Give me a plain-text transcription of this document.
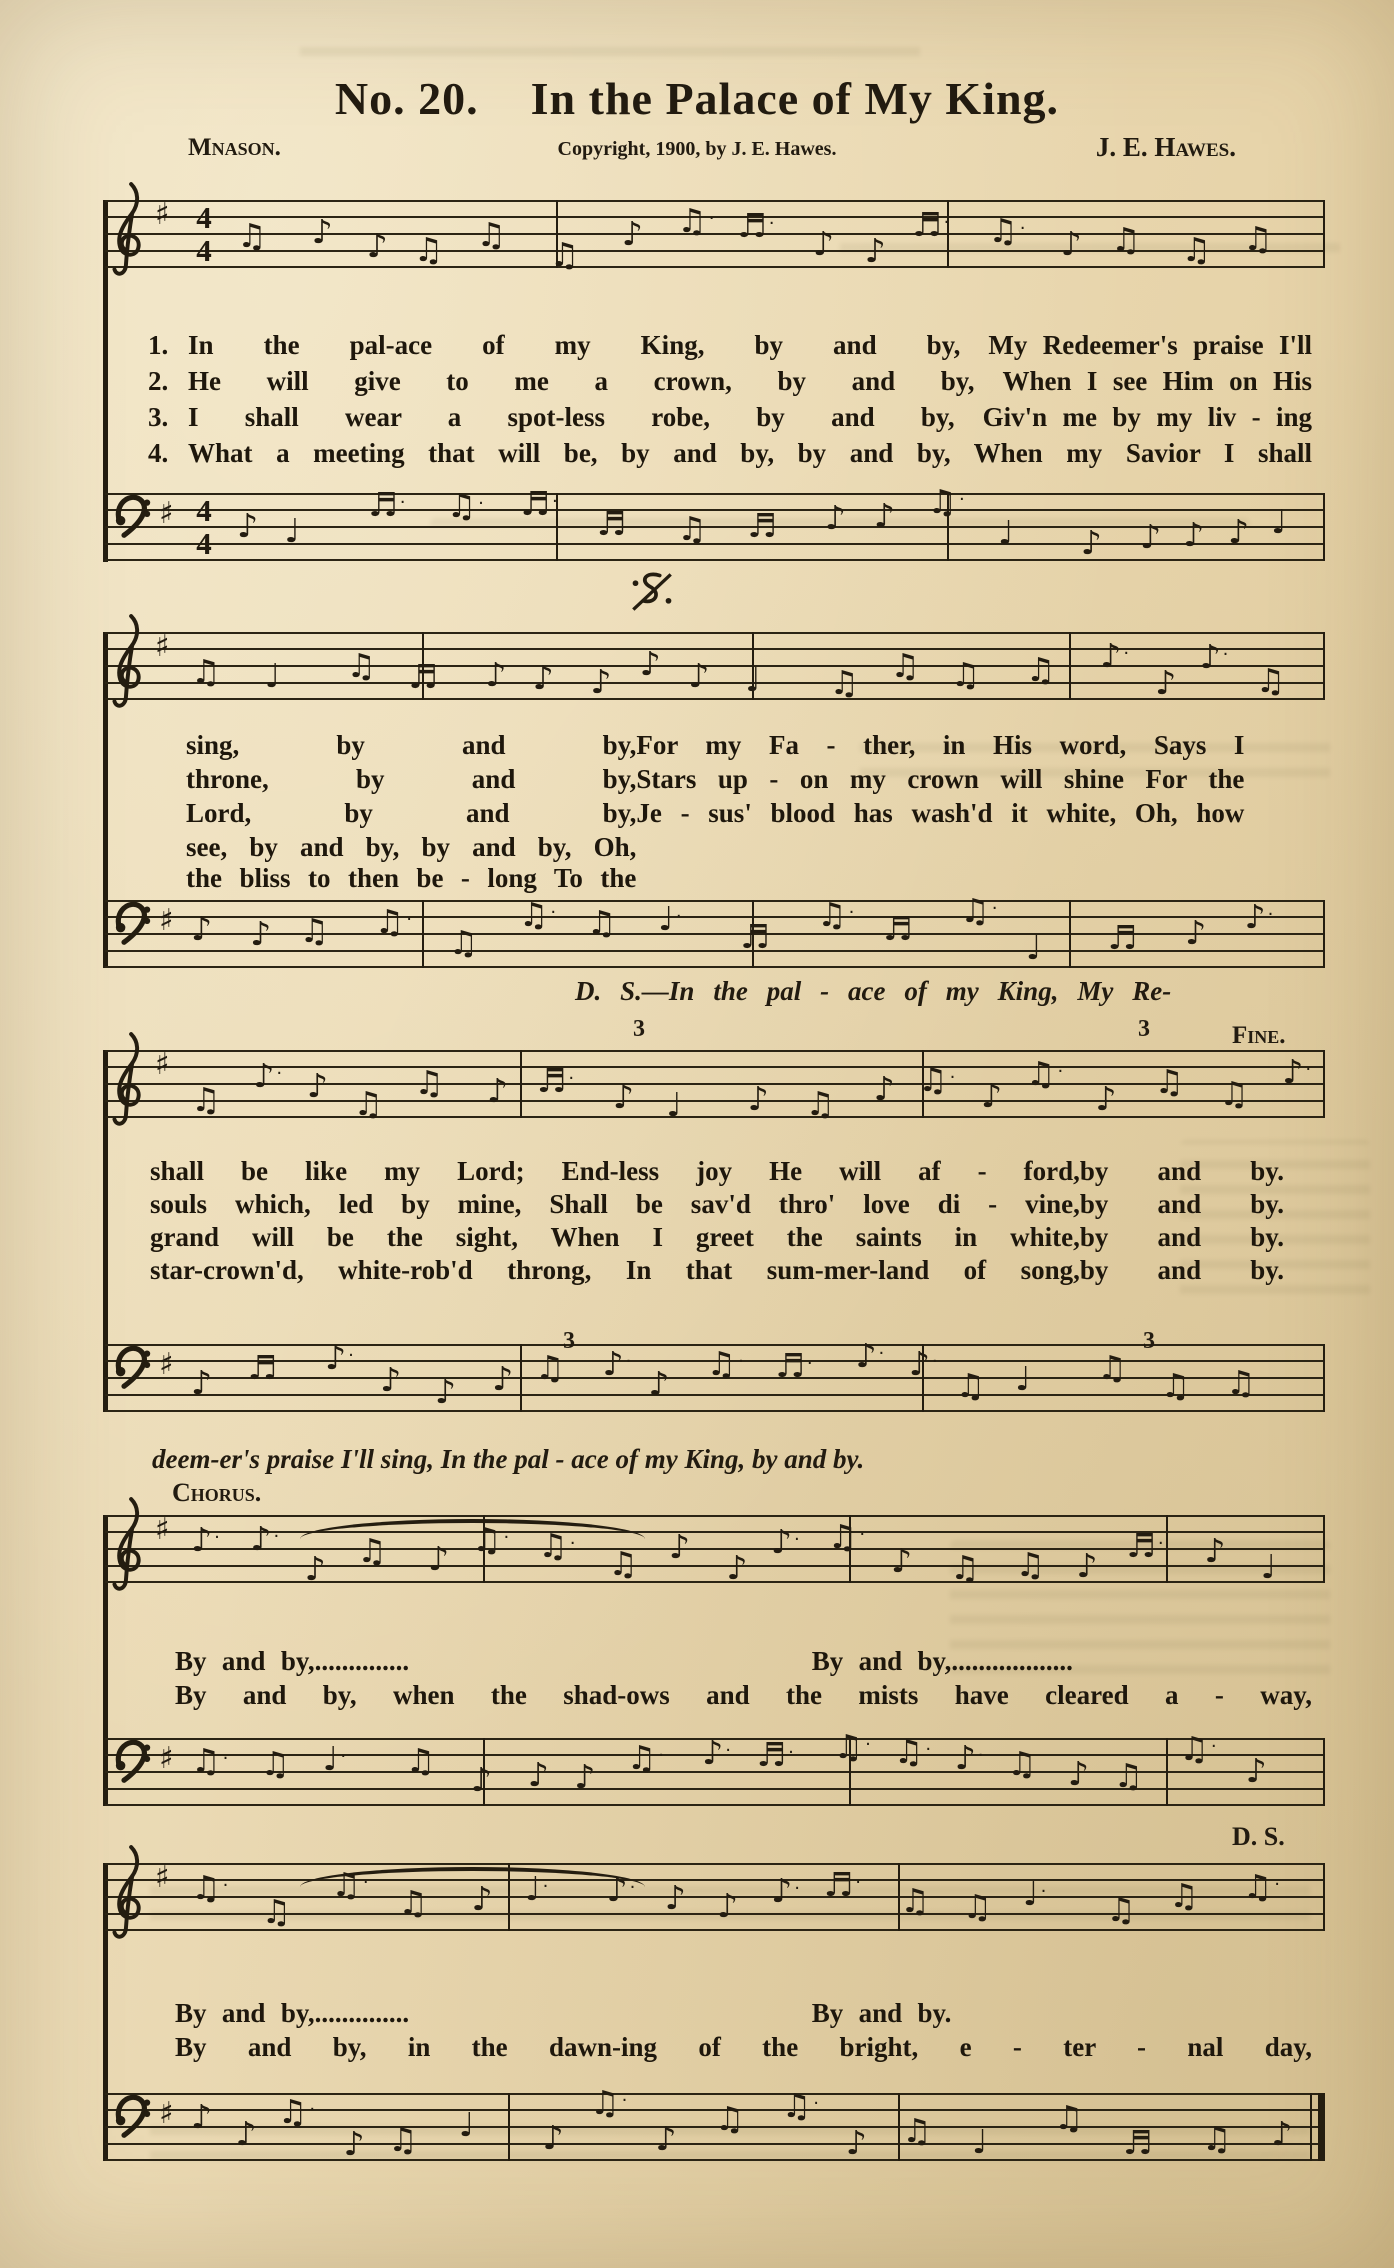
No. 20. In the Palace of My King.
Mnason.	Copyright, 1900, by J. E. Hawes.	J. E. Hawes.
♯ 4
4 ♫ ♪ ♪ ♫ ♫
♫
♪ ♫ · ♬ ·
♪ ♪
♬ · ♫ · ♪ ♫ ♫ ♫
♯ 4
4 ♪ ♩
♬ · ♫ · ♬ ·
♬ ♫ ♬ ♪ ♪ ♫ ·
♩ ♪ ♪ ♪ ♪ ♩
♯
♫ ♩ ♫ ♬ ♪ ♪ ♪ ♪ ♪ ♩ ♫ ♫ ♫ ♫ ♪ ·
♪
♪ ·
♫
♯ ♪ ♪ ♫ ♫ ·
♫
♫ · ♫ ♩ ·
♬
♫ · ♬ ♫ ·
♩ ♬ ♪ ♪ ·
♯
♫
♪ · ♪ ♫
♫ ♪ ♬ · ♪ ♩ ♪ ♫ ♪ ♫ · ♪
♫ ·
♪ ♫ ♫
♪ ·
♯ ♪ ♬ ♪ ·
♪ ♪ ♪ ♫ ♪ ·
♪
♫ · ♬ · ♪ · ♪ ·
♫ ♩ ♫ ♫ ♫
♯ ♪ · ♪ ·
♪ ♫ ♪ ♫ · ♫ ·
♫ ♪
♪
♪ · ♫ ·
♪ ♫ ♫ ♪
♬ · ♪ ♩
♯ ♫ · ♫ ♩ · ♫ ♪ ♪ ♪ ♫ · ♪ · ♬ · ♫ · ♫ · ♪ · ♫ ♪ ♫
♫ ·
♪
♯ ♫ ·
♫
♫ ·
♫ ♪ ♩ · ♪ · ♪ ♪ ♪ · ♬ · ♫ ♫ ♩ · ♫ ♫ ♫ ·
♯ ♪ ♪
♫ ·
♪ ♫ ♩ ♪
♫ ·
♪
♫ ♫ ·
♪ ♫ ♩
♫
♬ ♫ ♪
1. In the pal-ace of my King, by and by, My Redeemer's praise I'll
2. He will give to me a crown, by and by, When I see Him on His
3. I shall wear a spot-less robe, by and by, Giv'n me by my liv - ing
4. What a meeting that will be, by and by, by and by, When my Savior I shall
sing, by and by, For my Fa - ther, in His word, Says I
throne, by and by, Stars up - on my crown will shine For the
Lord, by and by, Je - sus' blood has wash'd it white, Oh, how
see, by and by, by and by, Oh, the bliss to then be - long To the
D. S.—In the pal - ace of my King, My Re-
3	3	Fine.
shall be like my Lord; End-less joy He will af - ford, by and by.
souls which, led by mine, Shall be sav'd thro' love di - vine, by and by.
grand will be the sight, When I greet the saints in white, by and by.
star-crown'd, white-rob'd throng, In that sum-mer-land of song, by and by.
3	3
deem-er's praise I'll sing, In the pal - ace of my King, by and by.
Chorus.
By and by,..............	By and by,..................
By and by, when the shad-ows and the mists have cleared a - way,
D. S.
By and by,..............	By and by.
By and by, in the dawn-ing of the bright, e - ter - nal day,
